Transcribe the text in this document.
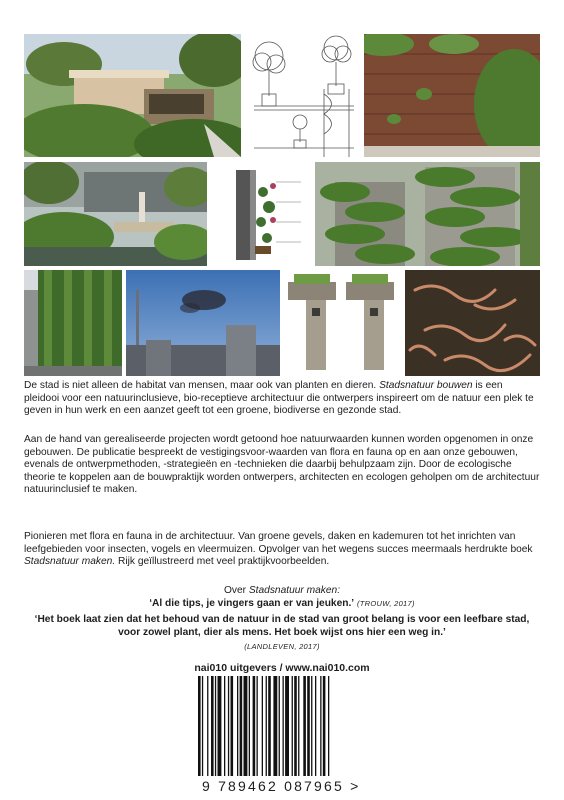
De stad is niet alleen de habitat van mensen, maar ook van planten en dieren. Stadsnatuur bouwen is een pleidooi voor een natuurinclusieve, bio-receptieve architectuur die ontwerpers inspireert om de natuur een plek te geven in hun werk en een aanzet geeft tot een groene, biodiverse en gezonde stad.

Aan de hand van gerealiseerde projecten wordt getoond hoe natuurwaarden kunnen worden opgenomen in onze gebouwen. De publicatie bespreekt de vestigingsvoor-waarden van flora en fauna op en aan onze gebouwen, evenals de ontwerpmethoden, -strategieën en -technieken die daarbij behulpzaam zijn. Door de ecologische theorie te koppelen aan de bouwpraktijk worden ontwerpers, architecten en ecologen geholpen om de architectuur natuurinclusief te maken.

Pionieren met flora en fauna in de architectuur. Van groene gevels, daken en kademuren tot het inrichten van leefgebieden voor insecten, vogels en vleermuizen. Opvolger van het wegens succes meermaals herdrukte boek Stadsnatuur maken. Rijk geïllustreerd met veel praktijkvoorbeelden.

Over Stadsnatuur maken:
‘Al die tips, je vingers gaan er van jeuken.’ (TROUW, 2017)
‘Het boek laat zien dat het behoud van de natuur in de stad van groot belang is voor een leefbare stad, voor zowel plant, dier als mens. Het boek wijst ons hier een weg in.’
(LANDLEVEN, 2017)
nai010 uitgevers / www.nai010.com
9 789462 087965 >
